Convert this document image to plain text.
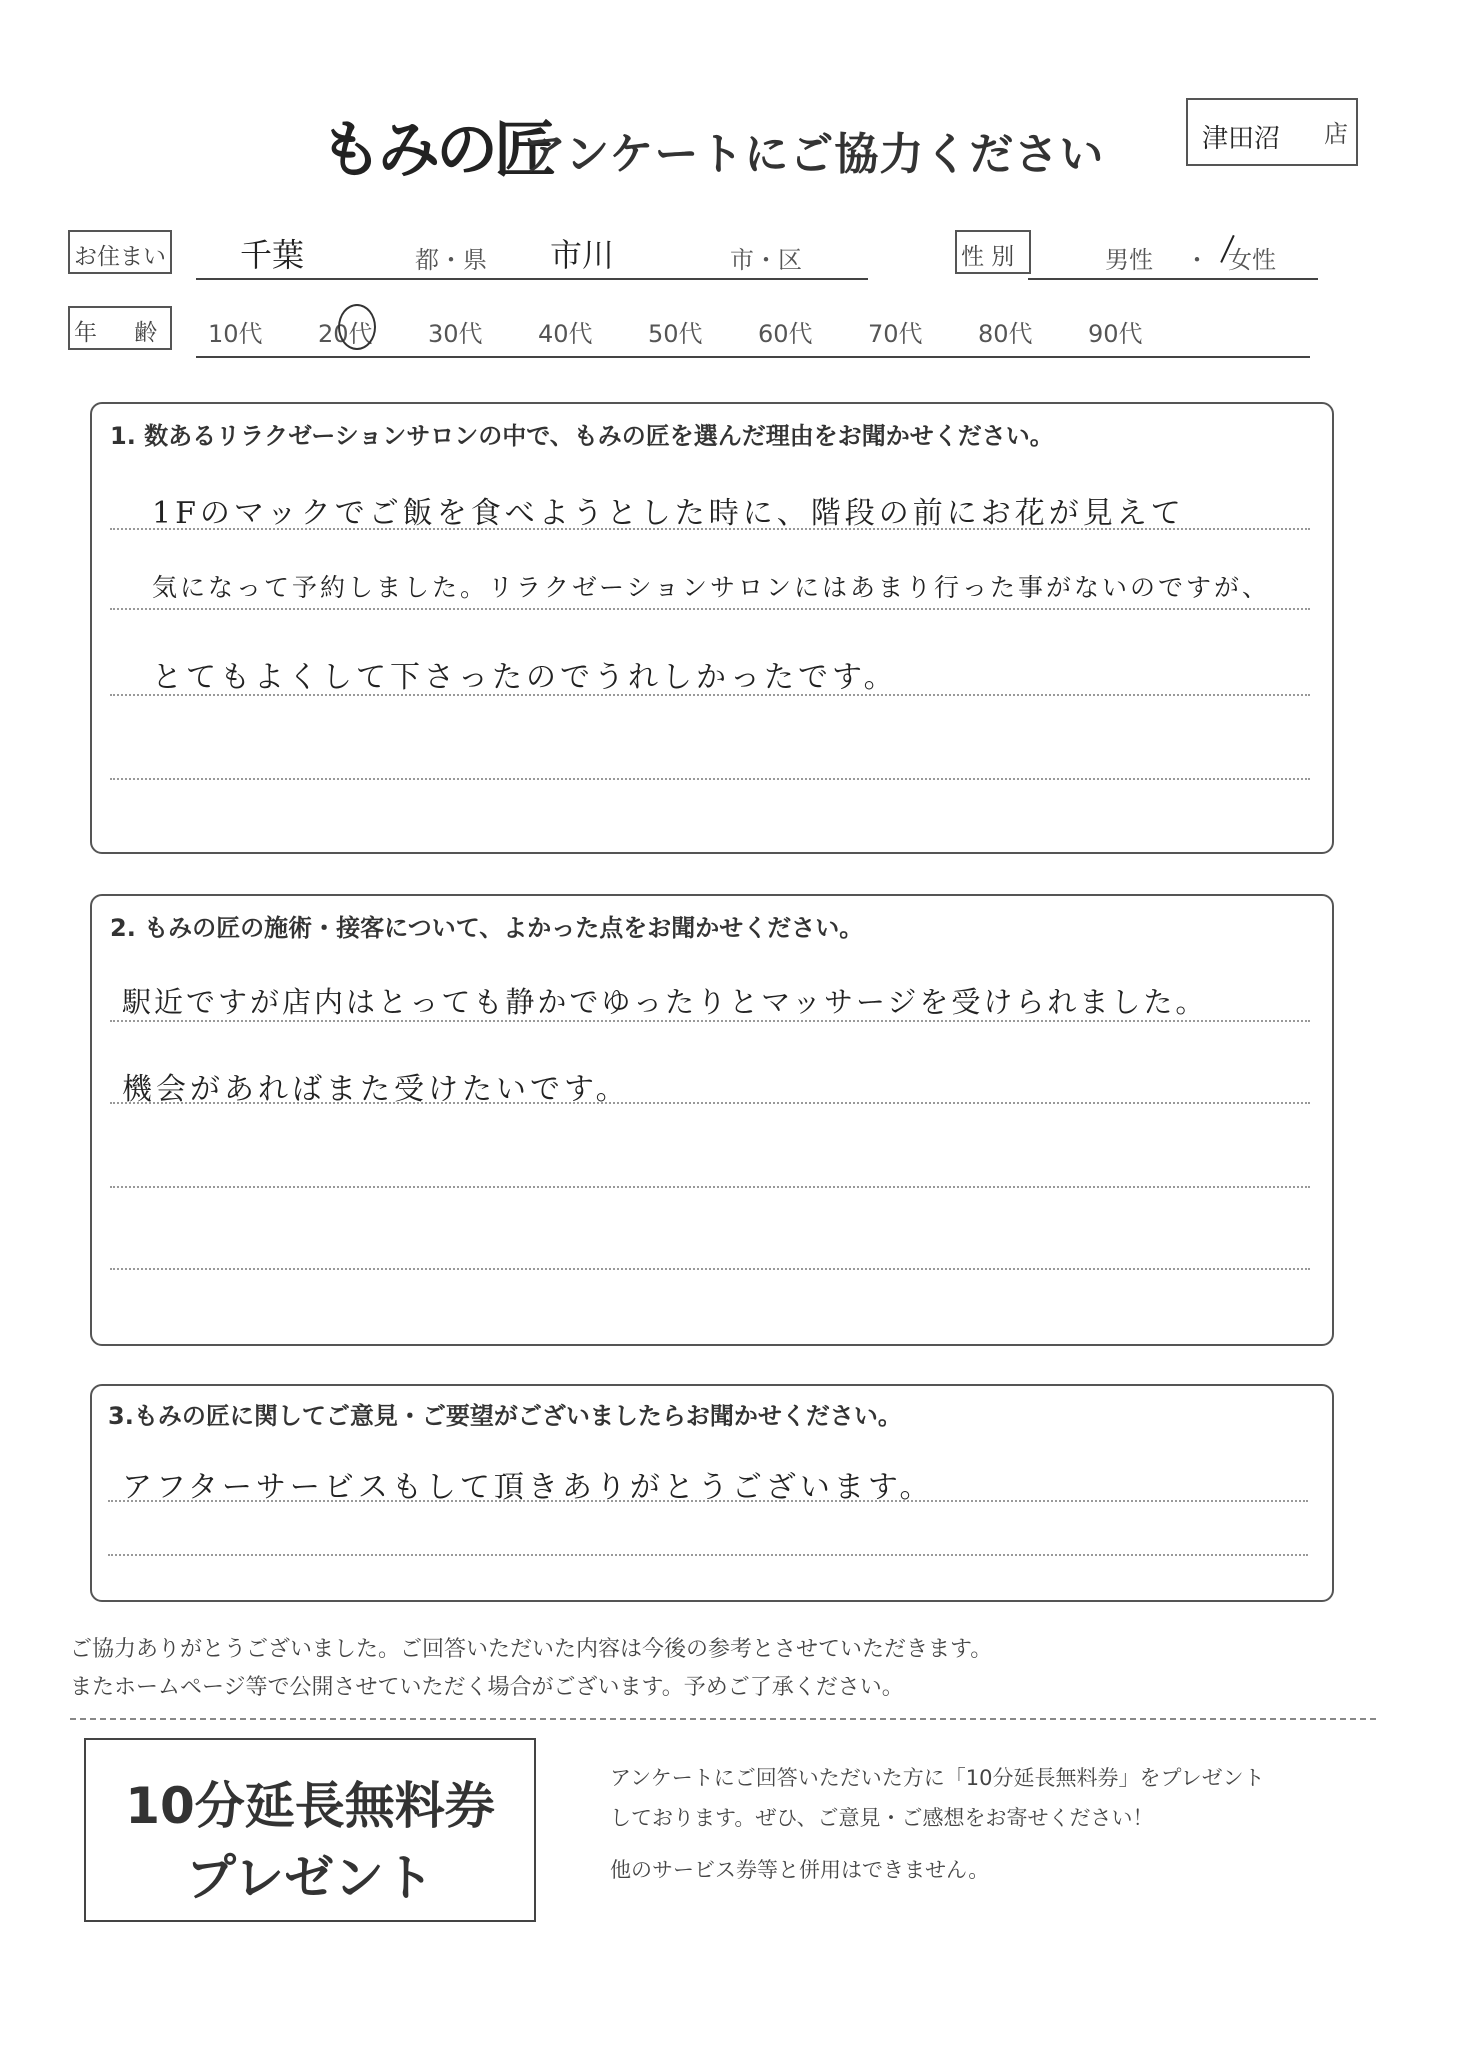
もみの匠
アンケートにご協力ください	津田沼 店
お住まい 千葉	都・県 市川	市・区	性 別	男性 ・ 女性
年 齢 10代 20代 30代 40代 50代 60代 70代 80代 90代
1. 数あるリラクゼーションサロンの中で、もみの匠を選んだ理由をお聞かせください。
1Fのマックでご飯を食べようとした時に、階段の前にお花が見えて
気になって予約しました。リラクゼーションサロンにはあまり行った事がないのですが、
とてもよくして下さったのでうれしかったです。
2. もみの匠の施術・接客について、よかった点をお聞かせください。
駅近ですが店内はとっても静かでゆったりとマッサージを受けられました。
機会があればまた受けたいです。
3.もみの匠に関してご意見・ご要望がございましたらお聞かせください。
アフターサービスもして頂きありがとうございます。
ご協力ありがとうございました。ご回答いただいた内容は今後の参考とさせていただきます。
またホームページ等で公開させていただく場合がございます。予めご了承ください。
10分延長無料券
プレゼント
アンケートにご回答いただいた方に「10分延長無料券」をプレゼント
しております。ぜひ、ご意見・ご感想をお寄せください！
他のサービス券等と併用はできません。
